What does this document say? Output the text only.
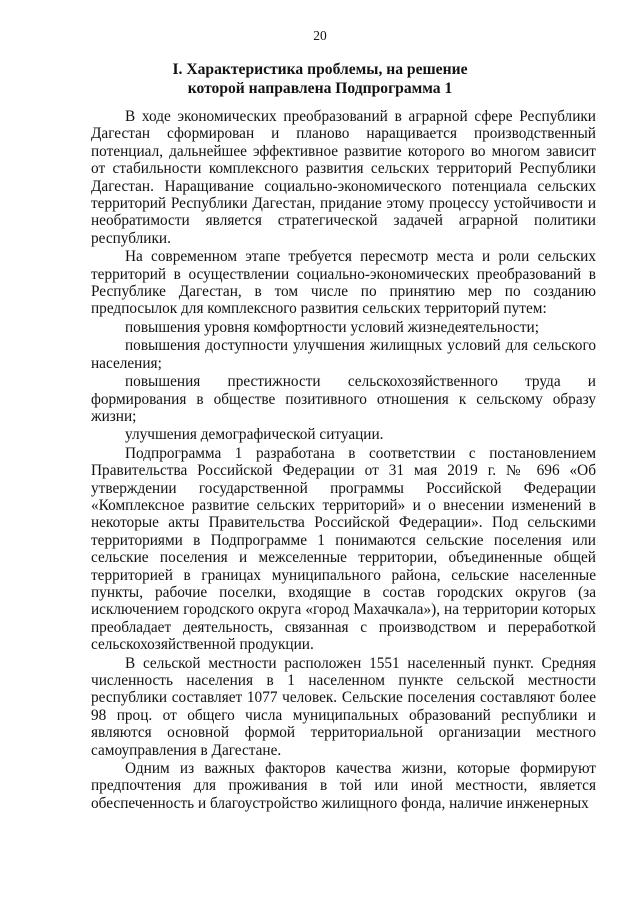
20
I. Характеристика проблемы, на решение
которой направлена Подпрограмма 1

В ходе экономических преобразований в аграрной сфере Республики Дагестан сформирован и планово наращивается производственный потенциал, дальнейшее эффективное развитие которого во многом зависит от стабильности комплексного развития сельских территорий Республики Дагестан. Наращивание социально-экономического потенциала сельских территорий Республики Дагестан, придание этому процессу устойчивости и необратимости является стратегической задачей аграрной политики республики.

На современном этапе требуется пересмотр места и роли сельских территорий в осуществлении социально-экономических преобразований в Республике Дагестан, в том числе по принятию мер по созданию предпосылок для комплексного развития сельских территорий путем:

повышения уровня комфортности условий жизнедеятельности;

повышения доступности улучшения жилищных условий для сельского населения;

повышения престижности сельскохозяйственного труда и формирования в обществе позитивного отношения к сельскому образу жизни;

улучшения демографической ситуации.

Подпрограмма 1 разработана в соответствии с постановлением Правительства Российской Федерации от 31 мая 2019 г. № 696 «Об утверждении государственной программы Российской Федерации «Комплексное развитие сельских территорий» и о внесении изменений в некоторые акты Правительства Российской Федерации». Под сельскими территориями в Подпрограмме 1 понимаются сельские поселения или сельские поселения и межселенные территории, объединенные общей территорией в границах муниципального района, сельские населенные пункты, рабочие поселки, входящие в состав городских округов (за исключением городского округа «город Махачкала»), на территории которых преобладает деятельность, связанная с производством и переработкой сельскохозяйственной продукции.

В сельской местности расположен 1551 населенный пункт. Средняя численность населения в 1 населенном пункте сельской местности республики составляет 1077 человек. Сельские поселения составляют более 98 проц. от общего числа муниципальных образований республики и являются основной формой территориальной организации местного самоуправления в Дагестане.

Одним из важных факторов качества жизни, которые формируют предпочтения для проживания в той или иной местности, является обеспеченность и благоустройство жилищного фонда, наличие инженерных
